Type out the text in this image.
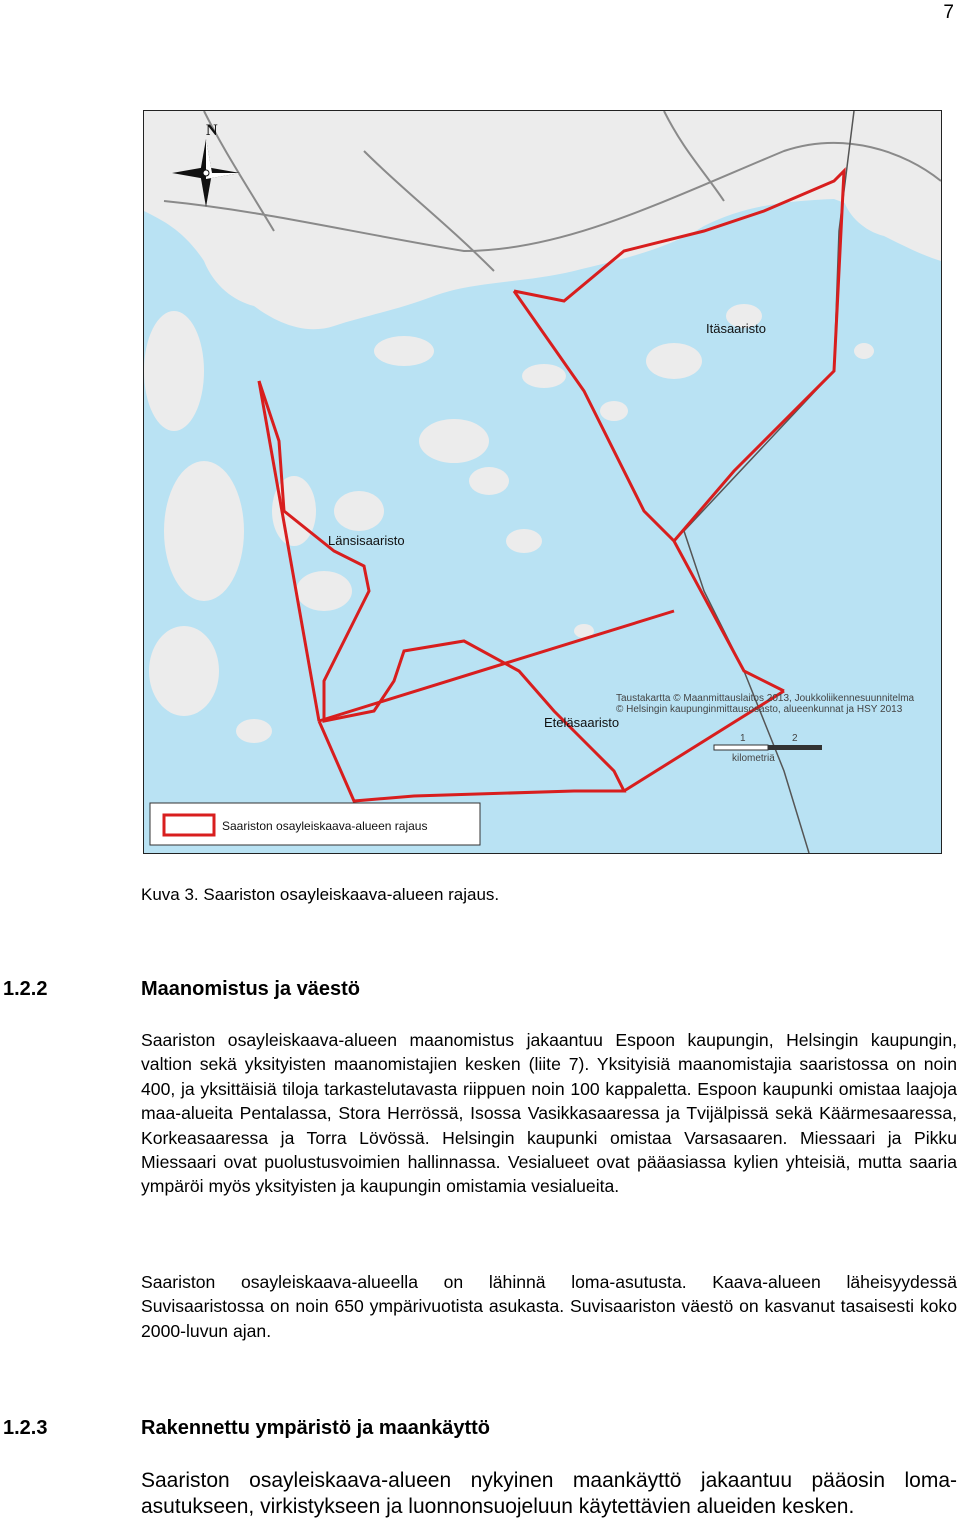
7
N
Itäsaaristo
Länsisaaristo
Eteläsaaristo
Taustakartta © Maanmittauslaitos 2013, Joukkoliikennesuunnitelma
© Helsingin kaupunginmittausosasto, alueenkunnat ja HSY 2013
1	2
kilometriä
Saariston osayleiskaava-alueen rajaus
Kuva 3. Saariston osayleiskaava-alueen rajaus.
1.2.2	Maanomistus ja väestö

Saariston osayleiskaava-alueen maanomistus jakaantuu Espoon kaupungin, Helsingin kaupungin, valtion sekä yksityisten maanomistajien kesken (liite 7). Yksityisiä maanomistajia saaristossa on noin 400, ja yksittäisiä tiloja tarkastelutavasta riippuen noin 100 kappaletta. Espoon kaupunki omistaa laajoja maa-alueita Pentalassa, Stora Herrössä, Isossa Vasikkasaaressa ja Tvijälpissä sekä Käärmesaaressa, Korkeasaaressa ja Torra Lövössä. Helsingin kaupunki omistaa Varsasaaren. Miessaari ja Pikku Miessaari ovat puolustusvoimien hallinnassa. Vesialueet ovat pääasiassa kylien yhteisiä, mutta saaria ympäröi myös yksityisten ja kaupungin omistamia vesialueita.

Saariston osayleiskaava-alueella on lähinnä loma-asutusta. Kaava-alueen läheisyydessä Suvisaaristossa on noin 650 ympärivuotista asukasta. Suvisaariston väestö on kasvanut tasaisesti koko 2000-luvun ajan.

1.2.3	Rakennettu ympäristö ja maankäyttö

Saariston osayleiskaava-alueen nykyinen maankäyttö jakaantuu pääosin loma-asutukseen, virkistykseen ja luonnonsuojeluun käytettävien alueiden kesken.
